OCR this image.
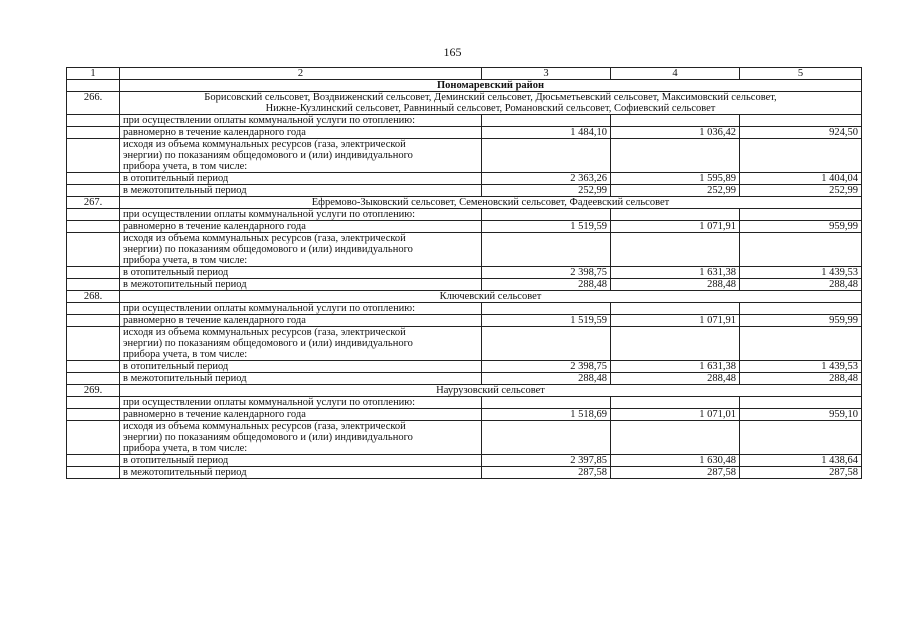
165
1	2	3	4	5
	Пономаревский район			
266.	Борисовский сельсовет, Воздвиженский сельсовет, Деминский сельсовет, Дюсьметьевский сельсовет, Максимовский сельсовет,
Нижне-Кузлинский сельсовет, Равнинный сельсовет, Романовский сельсовет, Софиевский сельсовет			

	при осуществлении оплаты коммунальной услуги по отоплению:			
	равномерно в течение календарного года	1 484,10	1 036,42	924,50

	исходя из объема коммунальных ресурсов (газа, электрической
энергии) по показаниям общедомового и (или) индивидуального
прибора учета, в том числе:			

	в отопительный период	2 363,26	1 595,89	1 404,04
	в межотопительный период	252,99	252,99	252,99
267.	Ефремово-Зыковский сельсовет, Семеновский сельсовет, Фадеевский сельсовет			
	при осуществлении оплаты коммунальной услуги по отоплению:			
	равномерно в течение календарного года	1 519,59	1 071,91	959,99

	исходя из объема коммунальных ресурсов (газа, электрической
энергии) по показаниям общедомового и (или) индивидуального
прибора учета, в том числе:			

	в отопительный период	2 398,75	1 631,38	1 439,53
	в межотопительный период	288,48	288,48	288,48
268.	Ключевский сельсовет			
	при осуществлении оплаты коммунальной услуги по отоплению:			
	равномерно в течение календарного года	1 519,59	1 071,91	959,99

	исходя из объема коммунальных ресурсов (газа, электрической
энергии) по показаниям общедомового и (или) индивидуального
прибора учета, в том числе:			

	в отопительный период	2 398,75	1 631,38	1 439,53
	в межотопительный период	288,48	288,48	288,48
269.	Наурузовский сельсовет			
	при осуществлении оплаты коммунальной услуги по отоплению:			
	равномерно в течение календарного года	1 518,69	1 071,01	959,10

	исходя из объема коммунальных ресурсов (газа, электрической
энергии) по показаниям общедомового и (или) индивидуального
прибора учета, в том числе:			

	в отопительный период	2 397,85	1 630,48	1 438,64
	в межотопительный период	287,58	287,58	287,58
